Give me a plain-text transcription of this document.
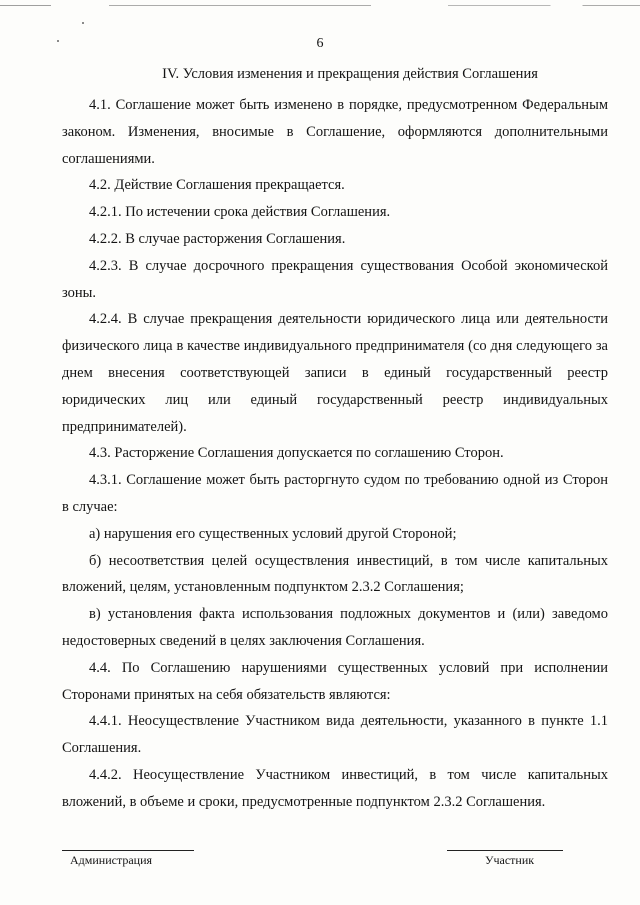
6
IV. Условия изменения и прекращения действия Соглашения

4.1. Соглашение может быть изменено в порядке, предусмотренном Федеральным законом. Изменения, вносимые в Соглашение, оформляются дополнительными соглашениями.

4.2. Действие Соглашения прекращается.

4.2.1. По истечении срока действия Соглашения.

4.2.2. В случае расторжения Соглашения.

4.2.3. В случае досрочного прекращения существования Особой экономической зоны.

4.2.4. В случае прекращения деятельности юридического лица или деятельности физического лица в качестве индивидуального предпринимателя (со дня следующего за днем внесения соответствующей записи в единый государственный реестр юридических лиц или единый государственный реестр индивидуальных предпринимателей).

4.3. Расторжение Соглашения допускается по соглашению Сторон.

4.3.1. Соглашение может быть расторгнуто судом по требованию одной из Сторон в случае:

а) нарушения его существенных условий другой Стороной;

б) несоответствия целей осуществления инвестиций, в том числе капитальных вложений, целям, установленным подпунктом 2.3.2 Соглашения;

в) установления факта использования подложных документов и (или) заведомо недостоверных сведений в целях заключения Соглашения.

4.4. По Соглашению нарушениями существенных условий при исполнении Сторонами принятых на себя обязательств являются:

4.4.1. Неосуществление Участником вида деятельности, указанного в пункте 1.1 Соглашения.

4.4.2. Неосуществление Участником инвестиций, в том числе капитальных вложений, в объеме и сроки, предусмотренные подпунктом 2.3.2 Соглашения.

Администрация	Участник
